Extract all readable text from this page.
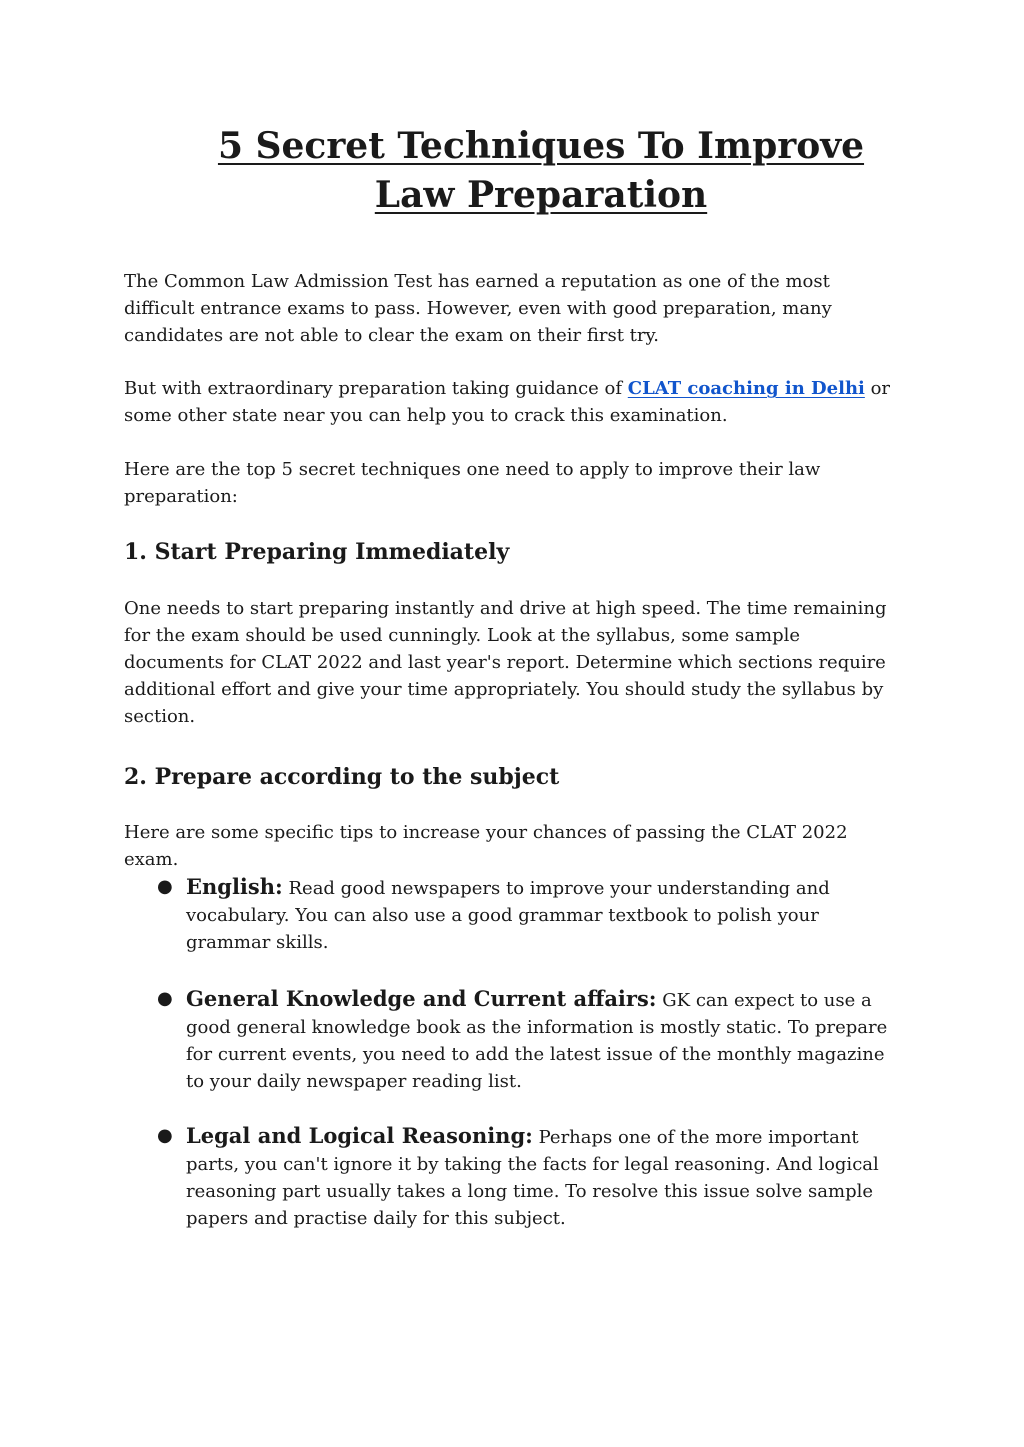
5 Secret Techniques To Improve
Law Preparation

The Common Law Admission Test has earned a reputation as one of the most difficult entrance exams to pass. However, even with good preparation, many candidates are not able to clear the exam on their first try.

But with extraordinary preparation taking guidance of CLAT coaching in Delhi or some other state near you can help you to crack this examination.

Here are the top 5 secret techniques one need to apply to improve their law preparation:

1. Start Preparing Immediately

One needs to start preparing instantly and drive at high speed. The time remaining for the exam should be used cunningly. Look at the syllabus, some sample documents for CLAT 2022 and last year's report. Determine which sections require additional effort and give your time appropriately. You should study the syllabus by section.

2. Prepare according to the subject

Here are some specific tips to increase your chances of passing the CLAT 2022 exam.

● English: Read good newspapers to improve your understanding and vocabulary. You can also use a good grammar textbook to polish your grammar skills.

● General Knowledge and Current affairs: GK can expect to use a good general knowledge book as the information is mostly static. To prepare for current events, you need to add the latest issue of the monthly magazine to your daily newspaper reading list.

● Legal and Logical Reasoning: Perhaps one of the more important parts, you can't ignore it by taking the facts for legal reasoning. And logical reasoning part usually takes a long time. To resolve this issue solve sample papers and practise daily for this subject.
